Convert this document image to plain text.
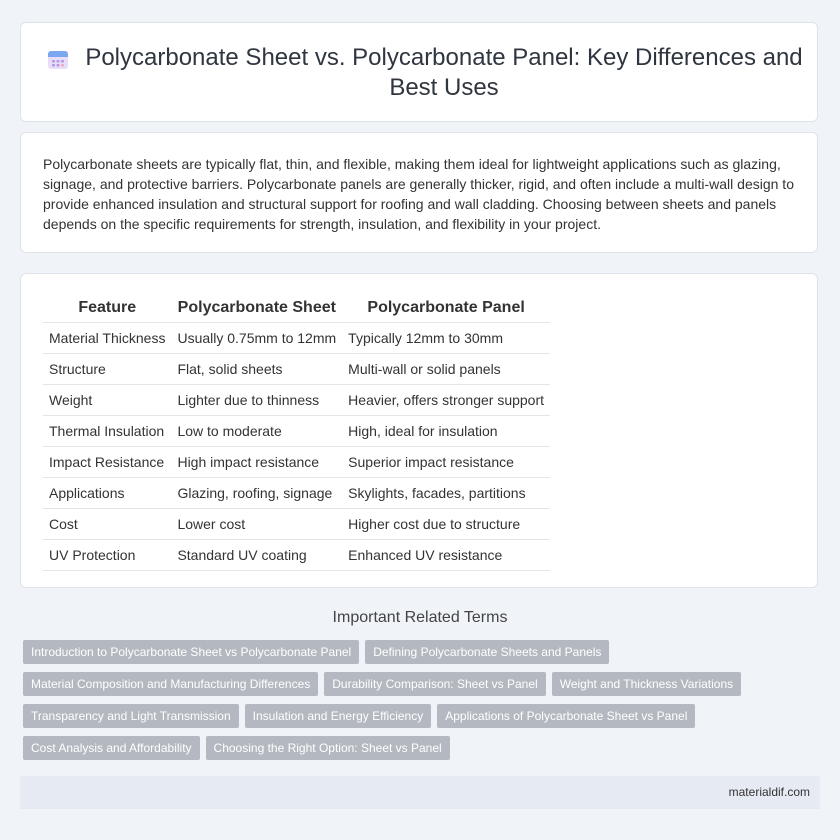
Polycarbonate Sheet vs. Polycarbonate Panel: Key Differences and Best Uses
Polycarbonate sheets are typically flat, thin, and flexible, making them ideal for lightweight applications such as glazing, signage, and protective barriers. Polycarbonate panels are generally thicker, rigid, and often include a multi-wall design to provide enhanced insulation and structural support for roofing and wall cladding. Choosing between sheets and panels depends on the specific requirements for strength, insulation, and flexibility in your project.
Feature	Polycarbonate Sheet	Polycarbonate Panel
Material Thickness	Usually 0.75mm to 12mm	Typically 12mm to 30mm
Structure	Flat, solid sheets	Multi-wall or solid panels
Weight	Lighter due to thinness	Heavier, offers stronger support
Thermal Insulation	Low to moderate	High, ideal for insulation
Impact Resistance	High impact resistance	Superior impact resistance
Applications	Glazing, roofing, signage	Skylights, facades, partitions
Cost	Lower cost	Higher cost due to structure
UV Protection	Standard UV coating	Enhanced UV resistance
Important Related Terms
Introduction to Polycarbonate Sheet vs Polycarbonate Panel Defining Polycarbonate Sheets and Panels
Material Composition and Manufacturing Differences Durability Comparison: Sheet vs Panel Weight and Thickness Variations
Transparency and Light Transmission Insulation and Energy Efficiency Applications of Polycarbonate Sheet vs Panel
Cost Analysis and Affordability Choosing the Right Option: Sheet vs Panel
materialdif.com
